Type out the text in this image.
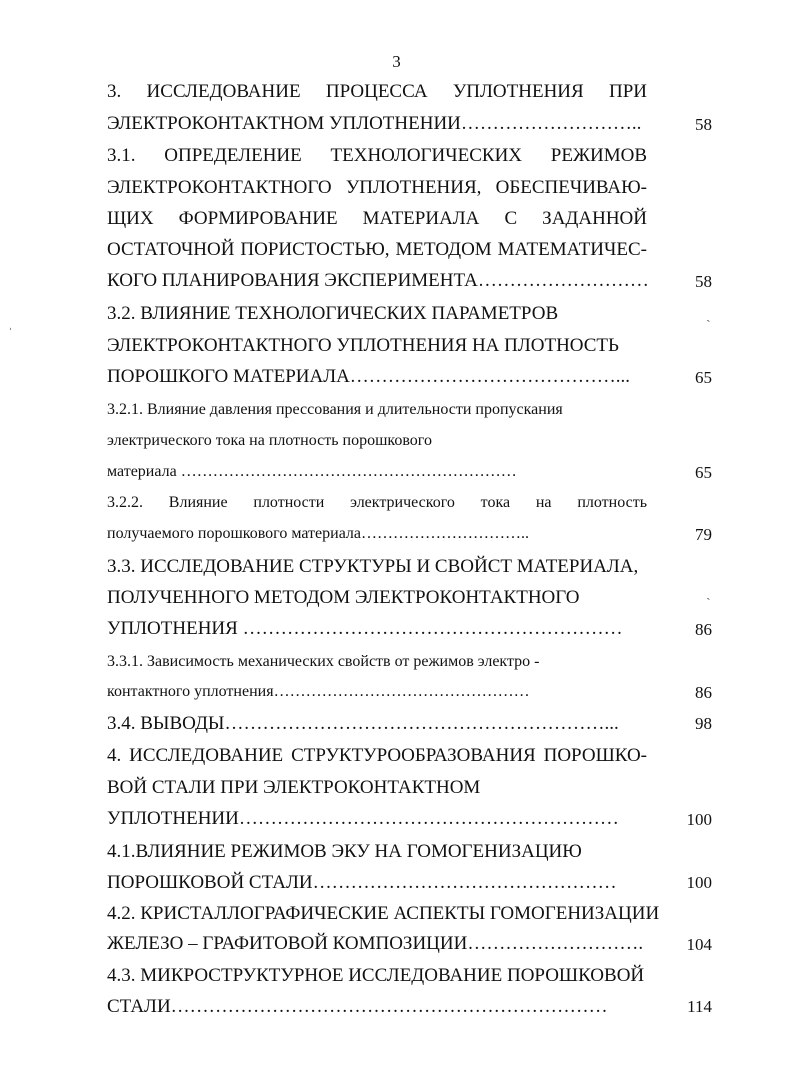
3
3. ИССЛЕДОВАНИЕ ПРОЦЕССА УПЛОТНЕНИЯ ПРИ
ЭЛЕКТРОКОНТАКТНОМ УПЛОТНЕНИИ………………………..	58
3.1. ОПРЕДЕЛЕНИЕ ТЕХНОЛОГИЧЕСКИХ РЕЖИМОВ
ЭЛЕКТРОКОНТАКТНОГО УПЛОТНЕНИЯ, ОБЕСПЕЧИВАЮ-
ЩИХ ФОРМИРОВАНИЕ МАТЕРИАЛА С ЗАДАННОЙ
ОСТАТОЧНОЙ ПОРИСТОСТЬЮ, МЕТОДОМ МАТЕМАТИЧЕС-
КОГО ПЛАНИРОВАНИЯ ЭКСПЕРИМЕНТА………………………	58
3.2. ВЛИЯНИЕ ТЕХНОЛОГИЧЕСКИХ ПАРАМЕТРОВ
ЭЛЕКТРОКОНТАКТНОГО УПЛОТНЕНИЯ НА ПЛОТНОСТЬ
ПОРОШКОГО МАТЕРИАЛА……………………………………...	65
3.2.1. Влияние давления прессования и длительности пропускания
электрического тока на плотность порошкового
материала ………………………………………………………	65
3.2.2. Влияние плотности электрического тока на плотность
получаемого порошкового материала…………………………..	79
3.3. ИССЛЕДОВАНИЕ СТРУКТУРЫ И СВОЙСТ МАТЕРИАЛА,
ПОЛУЧЕННОГО МЕТОДОМ ЭЛЕКТРОКОНТАКТНОГО
УПЛОТНЕНИЯ ……………………………………………………	86
3.3.1. Зависимость механических свойств от режимов электро -
контактного уплотнения…………………………………………	86
3.4. ВЫВОДЫ……………………………………………………...	98
4. ИССЛЕДОВАНИЕ СТРУКТУРООБРАЗОВАНИЯ ПОРОШКО-
ВОЙ СТАЛИ ПРИ ЭЛЕКТРОКОНТАКТНОМ
УПЛОТНЕНИИ……………………………………………………	100
4.1.ВЛИЯНИЕ РЕЖИМОВ ЭКУ НА ГОМОГЕНИЗАЦИЮ
ПОРОШКОВОЙ СТАЛИ…………………………………………	100
4.2. КРИСТАЛЛОГРАФИЧЕСКИЕ АСПЕКТЫ ГОМОГЕНИЗАЦИИ
ЖЕЛЕЗО – ГРАФИТОВОЙ КОМПОЗИЦИИ……………………….	104
4.3. МИКРОСТРУКТУРНОЕ ИССЛЕДОВАНИЕ ПОРОШКОВОЙ
СТАЛИ……………………………………………………………	114
ˌ
ˏ
ˏ
